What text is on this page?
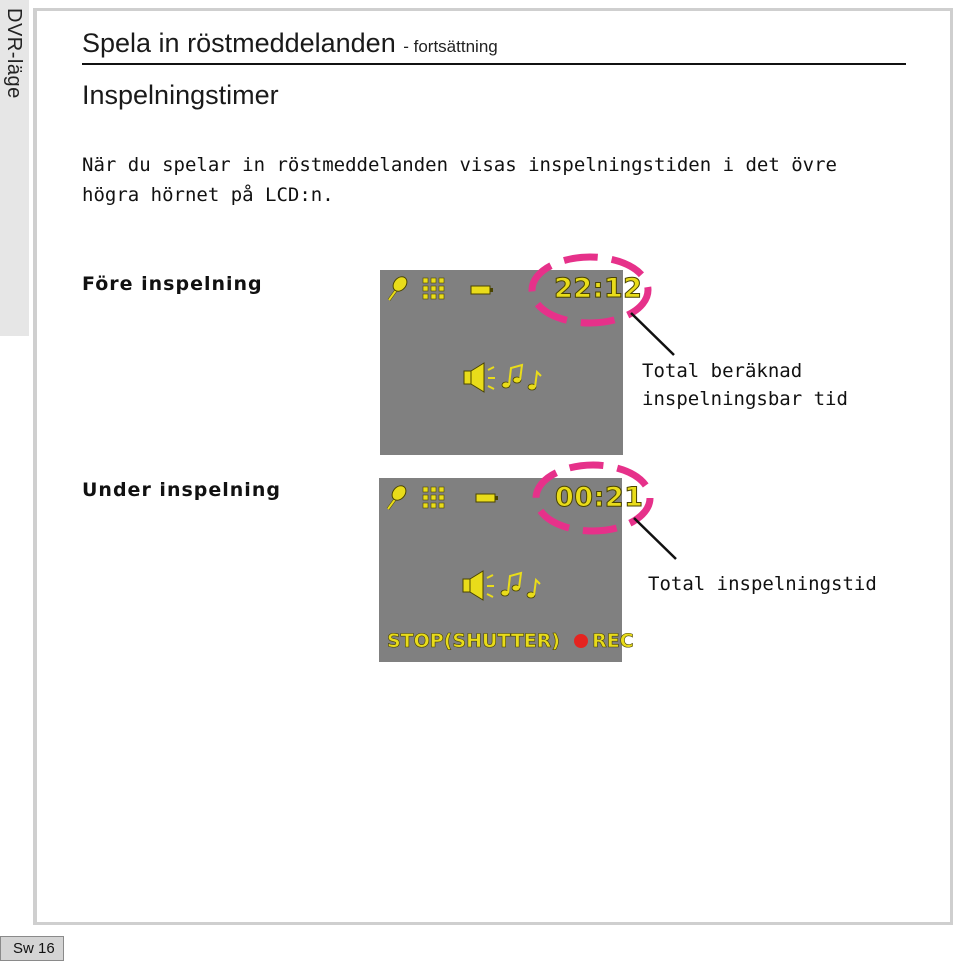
DVR-läge
Sw 16
Spela in röstmeddelanden - fortsättning
Inspelningstimer
När du spelar in röstmeddelanden visas inspelningstiden i det övre högra hörnet på LCD:n.
Före inspelning	22:12
Total beräknad
inspelningsbar tid
Under inspelning	00:21
STOP(SHUTTER) REC
Total inspelningstid
